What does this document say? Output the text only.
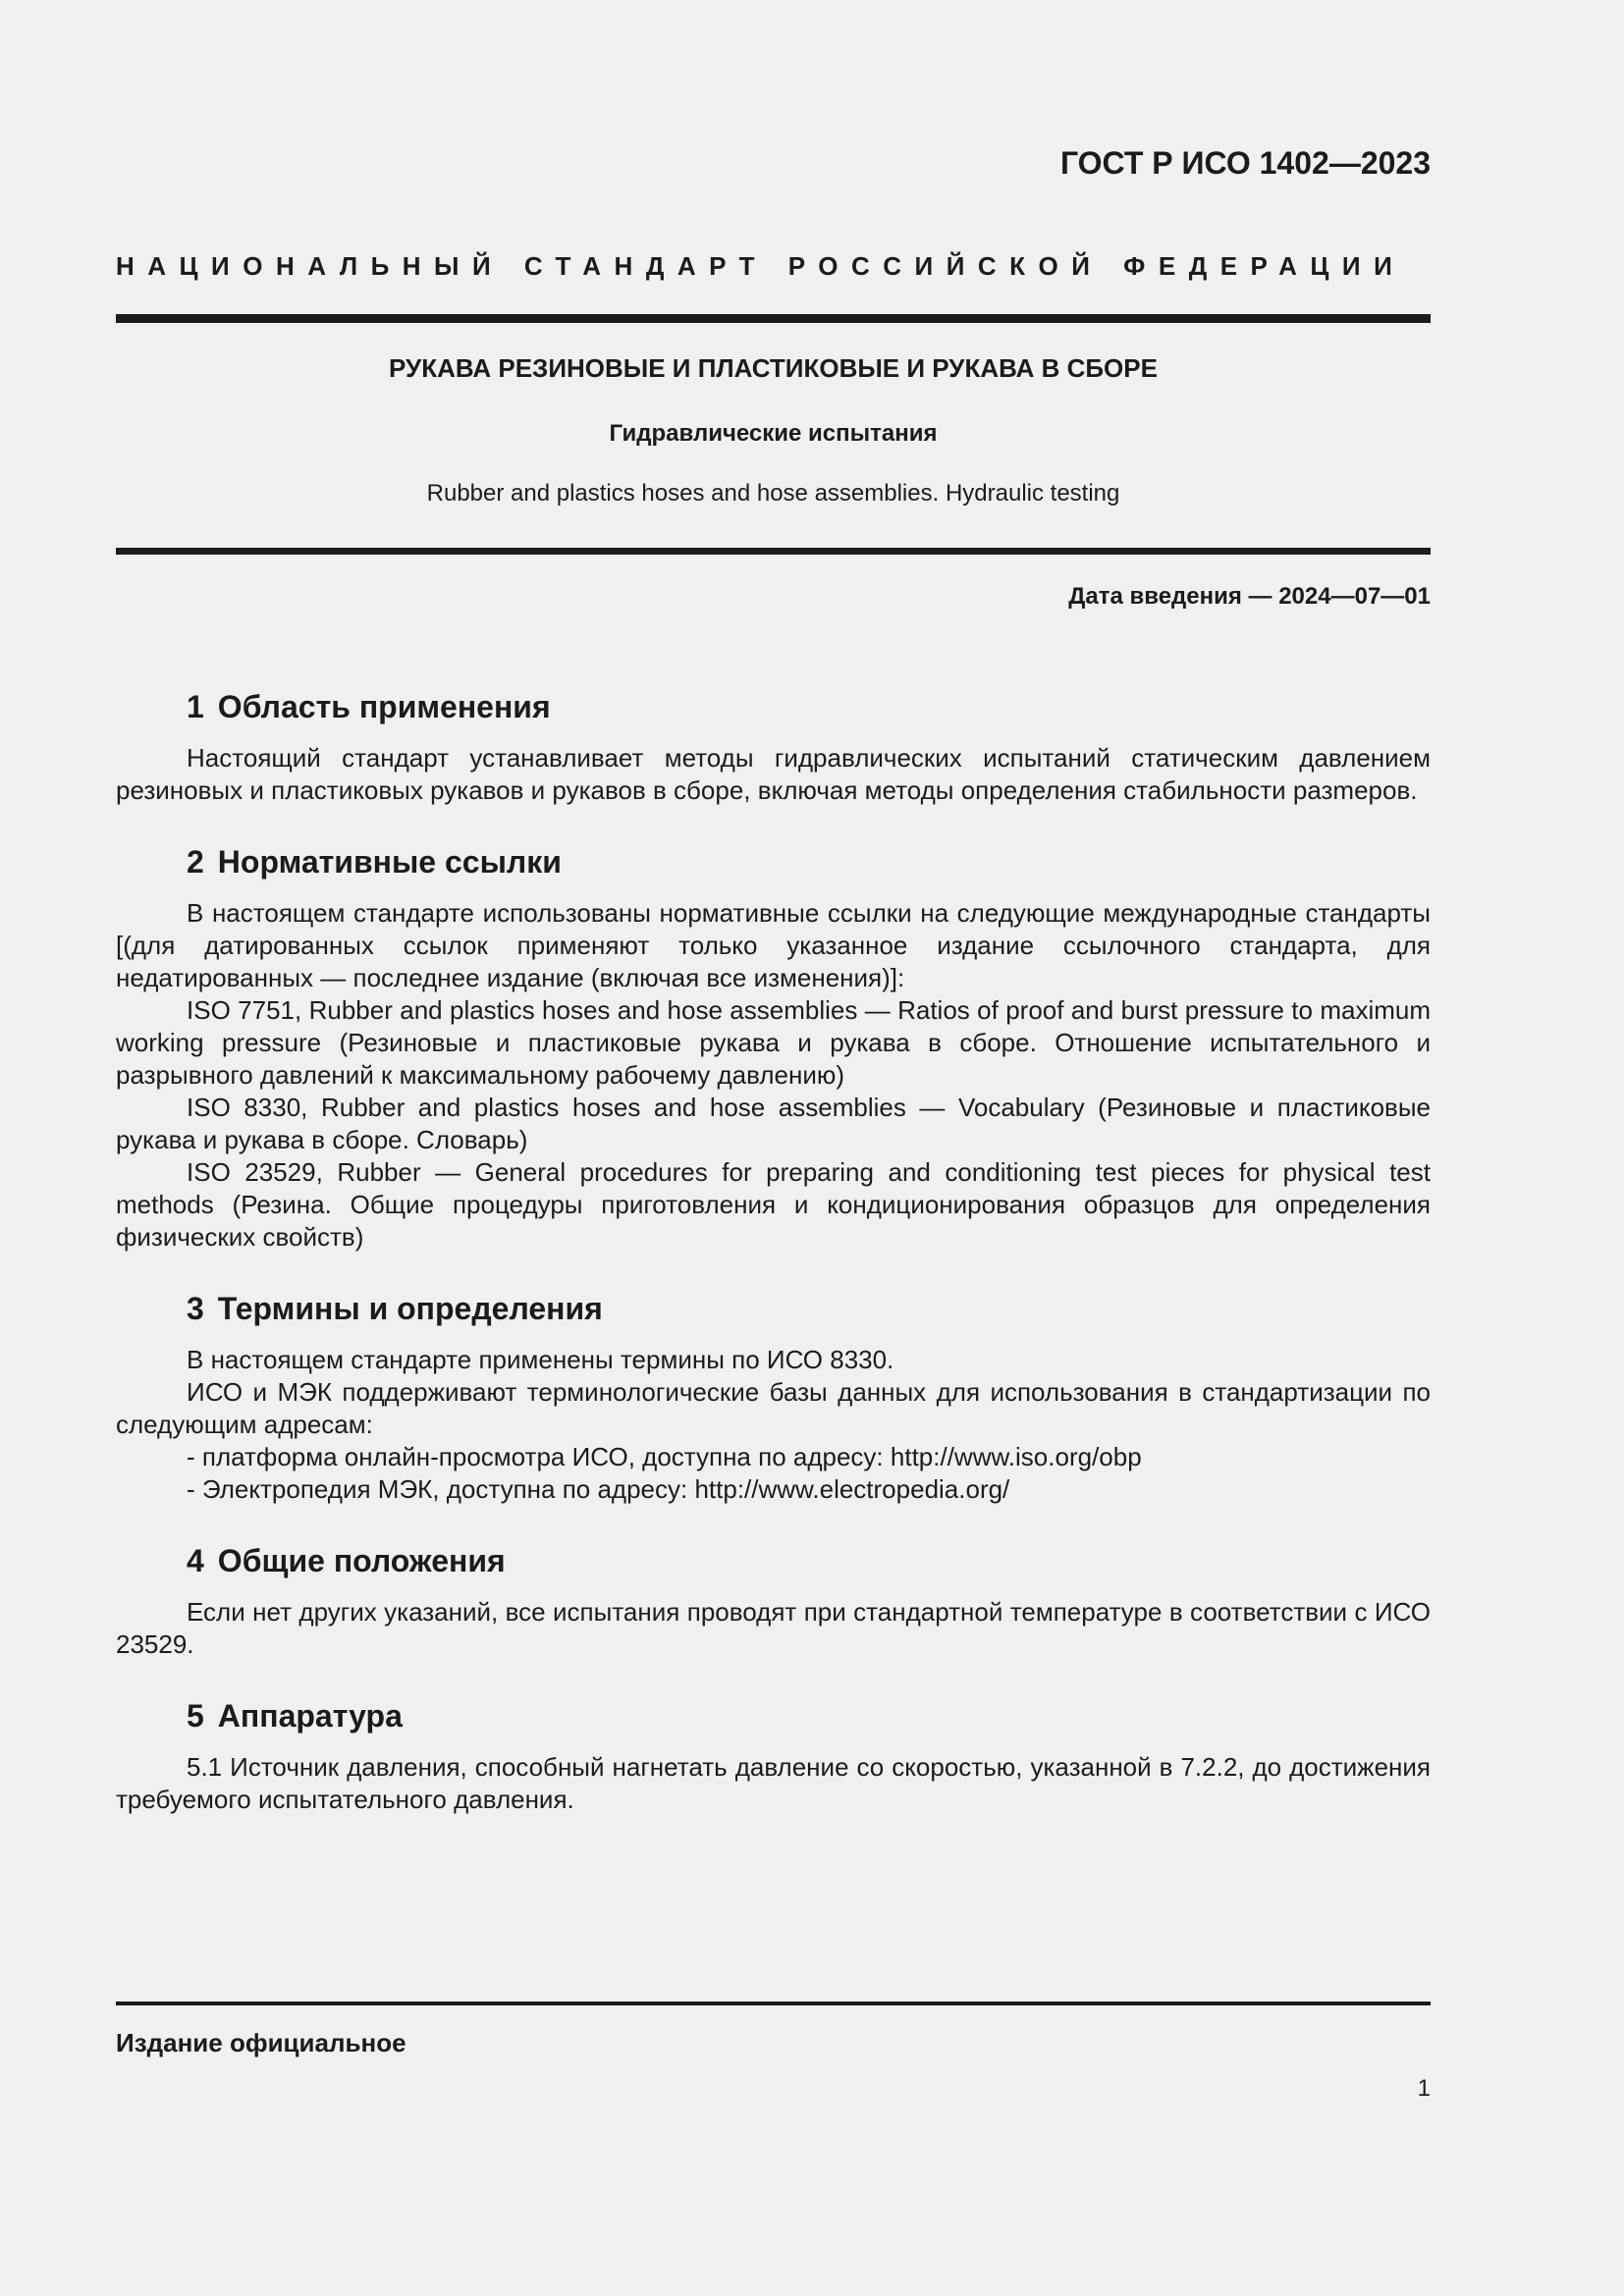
ГОСТ Р ИСО 1402—2023
НАЦИОНАЛЬНЫЙ СТАНДАРТ РОССИЙСКОЙ ФЕДЕРАЦИИ
РУКАВА РЕЗИНОВЫЕ И ПЛАСТИКОВЫЕ И РУКАВА В СБОРЕ
Гидравлические испытания
Rubber and plastics hoses and hose assemblies. Hydraulic testing
Дата введения — 2024—07—01
1 Область применения

Настоящий стандарт устанавливает методы гидравлических испытаний статическим давлением резиновых и пластиковых рукавов и рукавов в сборе, включая методы определения стабильности разmеров.

2 Нормативные ссылки

В настоящем стандарте использованы нормативные ссылки на следующие международные стандарты [(для датированных ссылок применяют только указанное издание ссылочного стандарта, для недатированных — последнее издание (включая все изменения)]:

ISO 7751, Rubber and plastics hoses and hose assemblies — Ratios of proof and burst pressure to maximum working pressure (Резиновые и пластиковые рукава и рукава в сборе. Отношение испытательного и разрывного давлений к максимальному рабочему давлению)

ISO 8330, Rubber and plastics hoses and hose assemblies — Vocabulary (Резиновые и пластиковые рукава и рукава в сборе. Словарь)

ISO 23529, Rubber — General procedures for preparing and conditioning test pieces for physical test methods (Резина. Общие процедуры приготовления и кондиционирования образцов для определения физических свойств)

3 Термины и определения

В настоящем стандарте применены термины по ИСО 8330.

ИСО и МЭК поддерживают терминологические базы данных для использования в стандартизации по следующим адресам:

- платформа онлайн-просмотра ИСО, доступна по адресу: http://www.iso.org/obp

- Электропедия МЭК, доступна по адресу: http://www.electropedia.org/

4 Общие положения

Если нет других указаний, все испытания проводят при стандартной температуре в соответствии с ИСО 23529.

5 Аппаратура

5.1 Источник давления, способный нагнетать давление со скоростью, указанной в 7.2.2, до достижения требуемого испытательного давления.

Издание официальное
1
